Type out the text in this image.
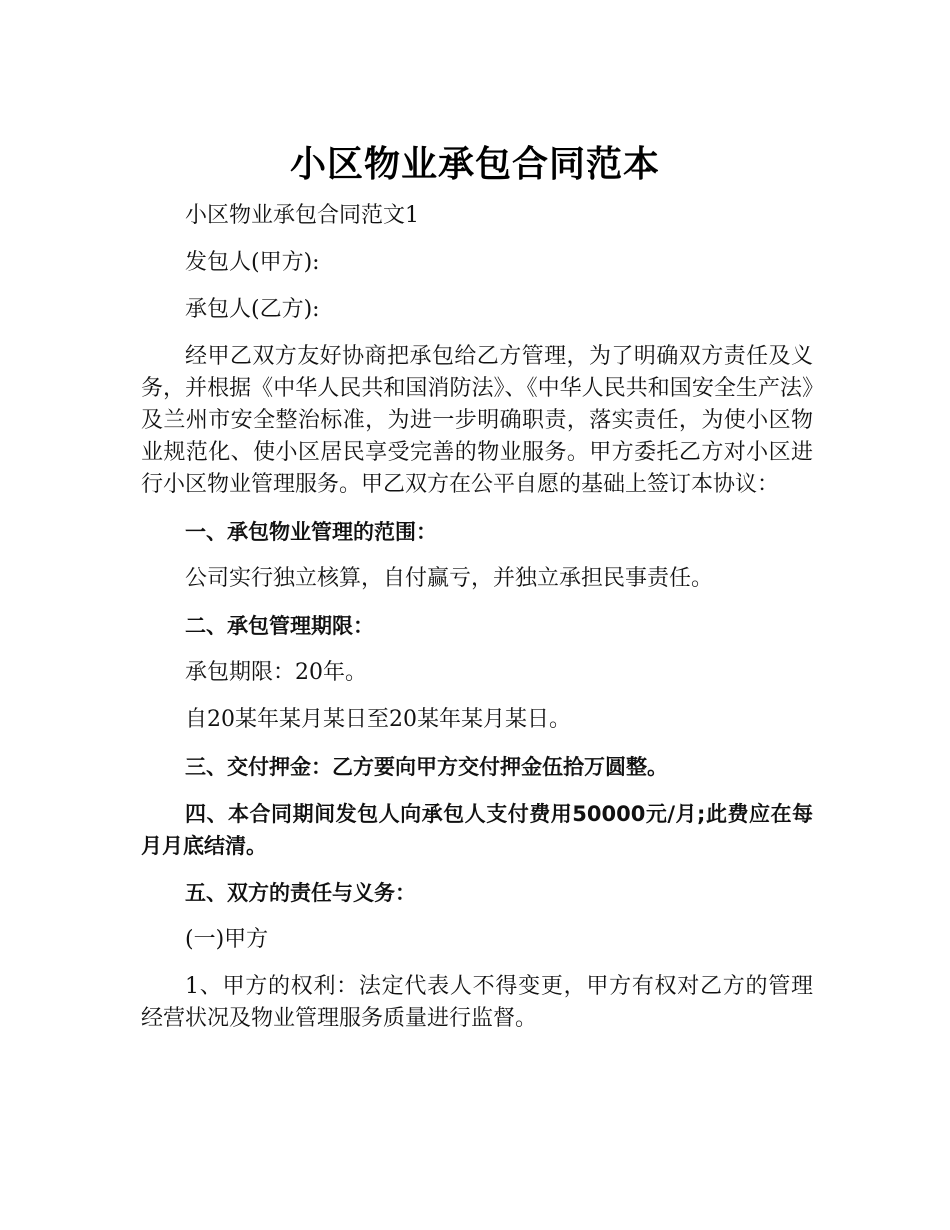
小区物业承包合同范本

小区物业承包合同范文1

发包人(甲方):

承包人(乙方):

经甲乙双方友好协商把承包给乙方管理，为了明确双方责任及义务，并根据《中华人民共和国消防法》、《中华人民共和国安全生产法》及兰州市安全整治标准，为进一步明确职责，落实责任，为使小区物业规范化、使小区居民享受完善的物业服务。甲方委托乙方对小区进行小区物业管理服务。甲乙双方在公平自愿的基础上签订本协议：

一、承包物业管理的范围：

公司实行独立核算，自付赢亏，并独立承担民事责任。

二、承包管理期限：

承包期限：20年。

自20某年某月某日至20某年某月某日。

三、交付押金：乙方要向甲方交付押金伍拾万圆整。

四、本合同期间发包人向承包人支付费用50000元/月;此费应在每月月底结清。

五、双方的责任与义务：

(一)甲方

1、甲方的权利：法定代表人不得变更，甲方有权对乙方的管理经营状况及物业管理服务质量进行监督。
